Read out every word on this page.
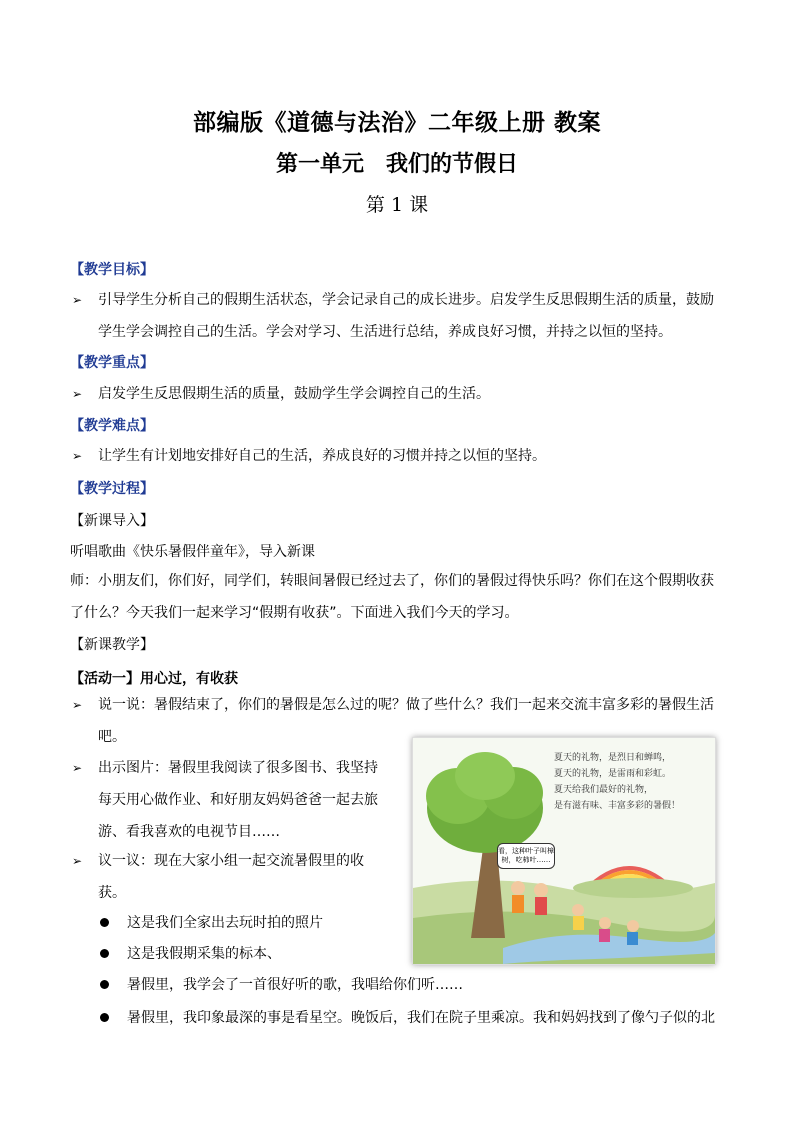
部编版《道德与法治》二年级上册 教案
第一单元 我们的节假日
第 1 课
【教学目标】
➢	引导学生分析自己的假期生活状态，学会记录自己的成长进步。启发学生反思假期生活的质量，鼓励
学生学会调控自己的生活。学会对学习、生活进行总结，养成良好习惯，并持之以恒的坚持。
【教学重点】
➢	启发学生反思假期生活的质量，鼓励学生学会调控自己的生活。
【教学难点】
➢	让学生有计划地安排好自己的生活，养成良好的习惯并持之以恒的坚持。
【教学过程】
【新课导入】
听唱歌曲《快乐暑假伴童年》，导入新课
师：小朋友们，你们好，同学们，转眼间暑假已经过去了，你们的暑假过得快乐吗？你们在这个假期收获
了什么？今天我们一起来学习“假期有收获”。下面进入我们今天的学习。
【新课教学】
【活动一】用心过，有收获
➢	说一说：暑假结束了，你们的暑假是怎么过的呢？做了些什么？我们一起来交流丰富多彩的暑假生活
吧。
➢	出示图片：暑假里我阅读了很多图书、我坚持
每天用心做作业、和好朋友妈妈爸爸一起去旅
游、看我喜欢的电视节目……
➢	议一议：现在大家小组一起交流暑假里的收
获。
这是我们全家出去玩时拍的照片
这是我假期采集的标本、
暑假里，我学会了一首很好听的歌，我唱给你们听……
暑假里，我印象最深的事是看星空。晚饭后，我们在院子里乘凉。我和妈妈找到了像勺子似的北
夏天的礼物，是烈日和蝉鸣，
夏天的礼物，是雷雨和彩虹。
夏天给我们最好的礼物，
是有滋有味、丰富多彩的暑假！
看，这种叶子叫樟树，吃柿叶……
